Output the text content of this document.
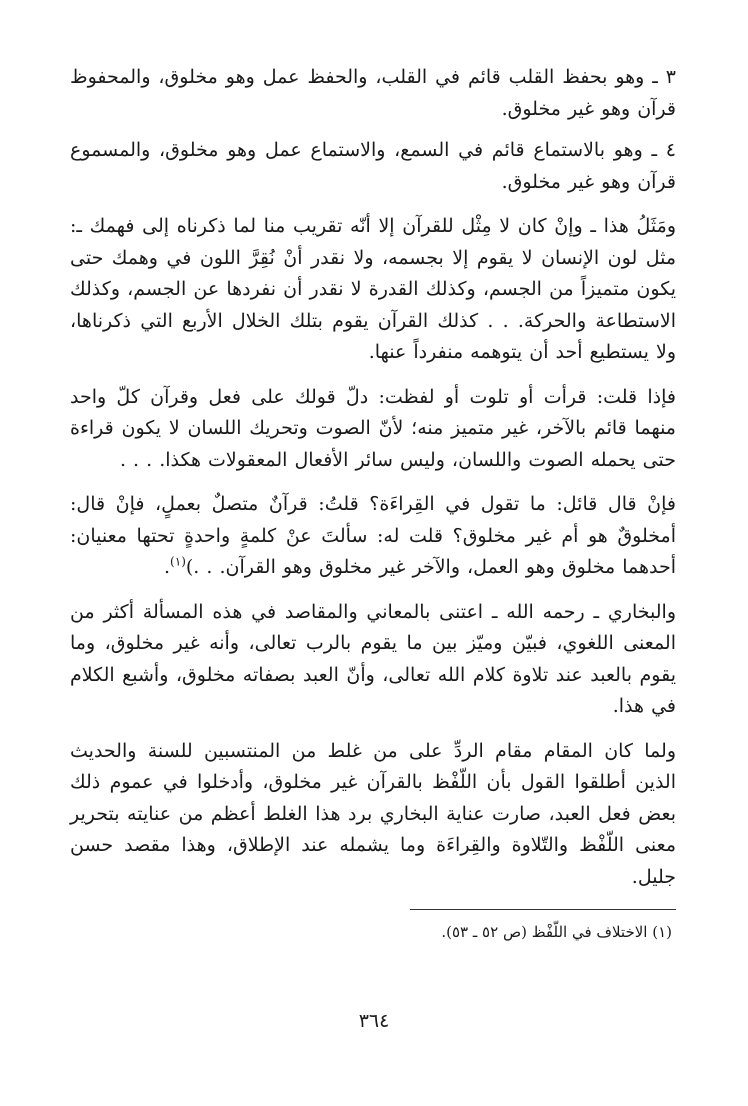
٣ ـ وهو بحفظ القلب قائم في القلب، والحفظ عمل وهو مخلوق، والمحفوظ قرآن وهو غير مخلوق.

٤ ـ وهو بالاستماع قائم في السمع، والاستماع عمل وهو مخلوق، والمسموع قرآن وهو غير مخلوق.

ومَثَلُ هذا ـ وإنْ كان لا مِثْل للقرآن إلا أنّه تقريب منا لما ذكرناه إلى فهمك ـ: مثل لون الإنسان لا يقوم إلا بجسمه، ولا نقدر أنْ نُقِرَّ اللون في وهمك حتى يكون متميزاً من الجسم، وكذلك القدرة لا نقدر أن نفردها عن الجسم، وكذلك الاستطاعة والحركة. . . كذلك القرآن يقوم بتلك الخلال الأربع التي ذكرناها، ولا يستطيع أحد أن يتوهمه منفرداً عنها.

فإذا قلت: قرأت أو تلوت أو لفظت: دلّ قولك على فعل وقرآن كلّ واحد منهما قائم بالآخر، غير متميز منه؛ لأنّ الصوت وتحريك اللسان لا يكون قراءة حتى يحمله الصوت واللسان، وليس سائر الأفعال المعقولات هكذا. . . .

فإنْ قال قائل: ما تقول في القِراءَة؟ قلتُ: قرآنٌ متصلٌ بعملٍ، فإنْ قال: أمخلوقٌ هو أم غير مخلوق؟ قلت له: سألتَ عنْ كلمةٍ واحدةٍ تحتها معنيان: أحدهما مخلوق وهو العمل، والآخر غير مخلوق وهو القرآن. . .)$^{(١)}$.

والبخاري ـ رحمه الله ـ اعتنى بالمعاني والمقاصد في هذه المسألة أكثر من المعنى اللغوي، فبيّن وميّز بين ما يقوم بالرب تعالى، وأنه غير مخلوق، وما يقوم بالعبد عند تلاوة كلام الله تعالى، وأنّ العبد بصفاته مخلوق، وأشبع الكلام في هذا.

ولما كان المقام مقام الردِّ على من غلط من المنتسبين للسنة والحديث الذين أطلقوا القول بأن اللّفْظ بالقرآن غير مخلوق، وأدخلوا في عموم ذلك بعض فعل العبد، صارت عناية البخاري برد هذا الغلط أعظم من عنايته بتحرير معنى اللّفْظ والتّلاوة والقِراءَة وما يشمله عند الإطلاق، وهذا مقصد حسن جليل.

(١) الاختلاف في اللّفْظ (ص ٥٢ ـ ٥٣).

٣٦٤
